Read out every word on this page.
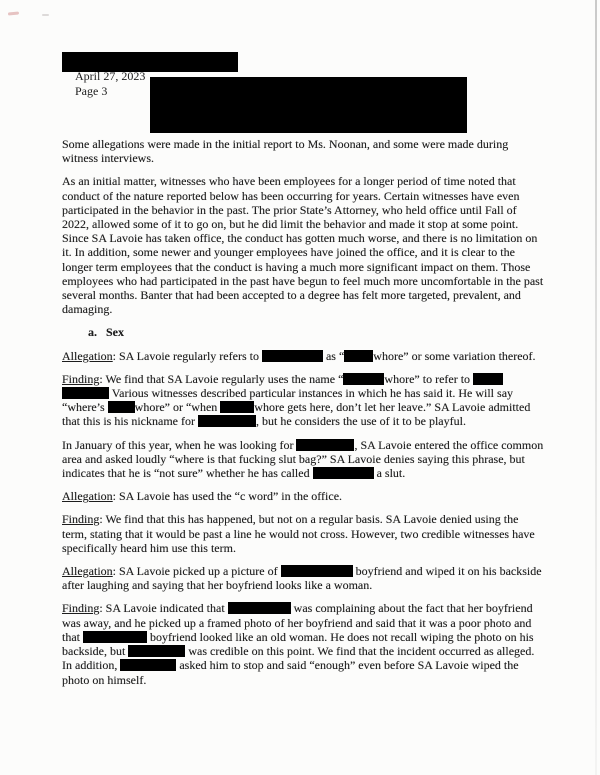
April 27, 2023
Page 3

Some allegations were made in the initial report to Ms. Noonan, and some were made during witness interviews.

As an initial matter, witnesses who have been employees for a longer period of time noted that conduct of the nature reported below has been occurring for years. Certain witnesses have even participated in the behavior in the past. The prior State’s Attorney, who held office until Fall of 2022, allowed some of it to go on, but he did limit the behavior and made it stop at some point. Since SA Lavoie has taken office, the conduct has gotten much worse, and there is no limitation on it. In addition, some newer and younger employees have joined the office, and it is clear to the longer term employees that the conduct is having a much more significant impact on them. Those employees who had participated in the past have begun to feel much more uncomfortable in the past several months. Banter that had been accepted to a degree has felt more targeted, prevalent, and damaging.

a.   Sex

Allegation: SA Lavoie regularly refers to	as “ whore” or some variation thereof.

Finding: We find that SA Lavoie regularly uses the name “	whore” to refer to   Various witnesses described particular instances in which he has said it. He will say “where’s whore” or “when	whore gets here, don’t let her leave.” SA Lavoie admitted that this is his nickname for	, but he considers the use of it to be playful.

In January of this year, when he was looking for	, SA Lavoie entered the office common area and asked loudly “where is that fucking slut bag?” SA Lavoie denies saying this phrase, but indicates that he is “not sure” whether he has called	a slut.

Allegation: SA Lavoie has used the “c word” in the office.

Finding: We find that this has happened, but not on a regular basis. SA Lavoie denied using the term, stating that it would be past a line he would not cross. However, two credible witnesses have specifically heard him use this term.

Allegation: SA Lavoie picked up a picture of	boyfriend and wiped it on his backside after laughing and saying that her boyfriend looks like a woman.

Finding: SA Lavoie indicated that	was complaining about the fact that her boyfriend was away, and he picked up a framed photo of her boyfriend and said that it was a poor photo and that	boyfriend looked like an old woman. He does not recall wiping the photo on his backside, but	was credible on this point. We find that the incident occurred as alleged. In addition,	asked him to stop and said “enough” even before SA Lavoie wiped the photo on himself.
